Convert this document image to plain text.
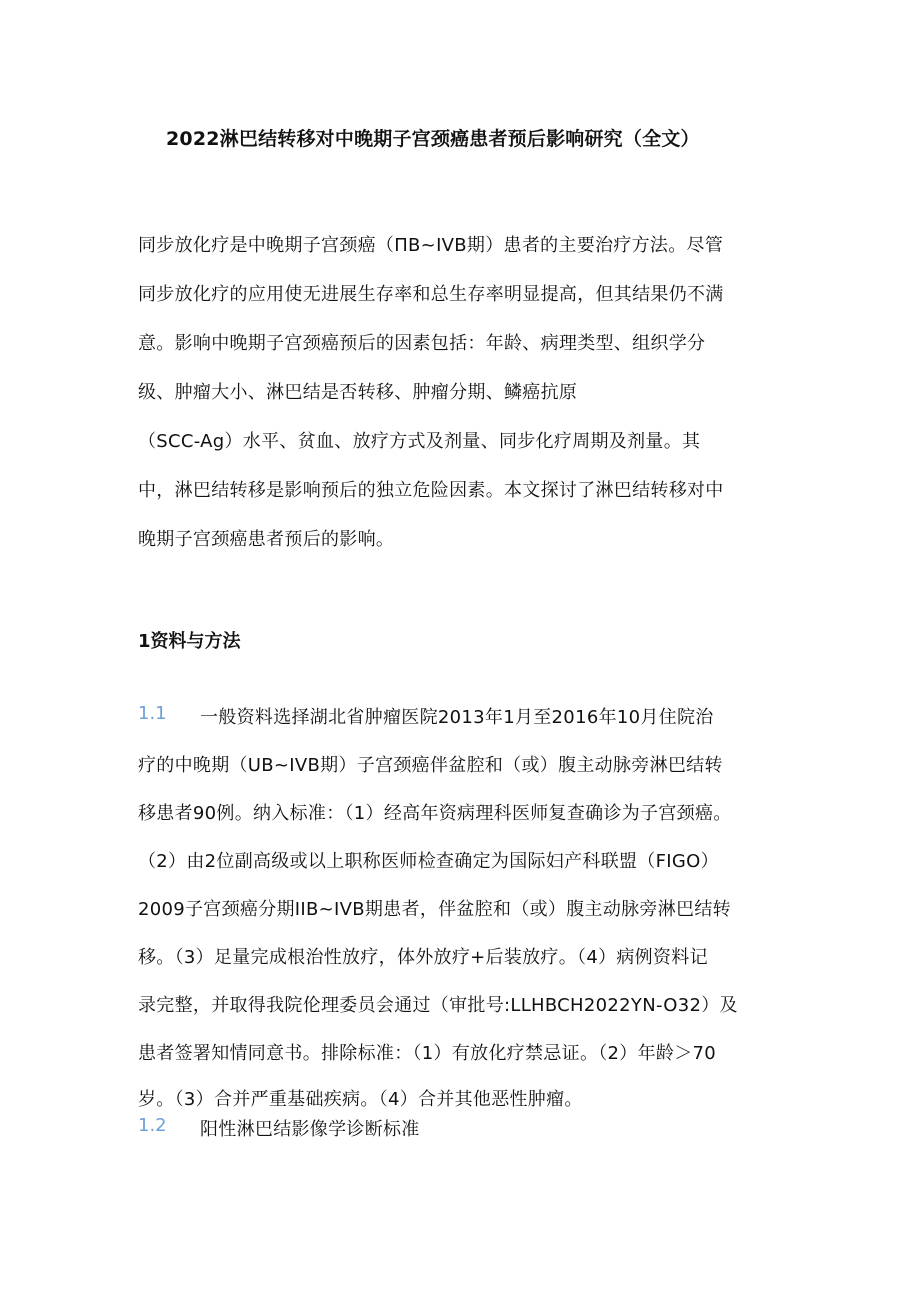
2022淋巴结转移对中晚期子宫颈癌患者预后影响研究（全文）
同步放化疗是中晚期子宫颈癌（ΠB~IVB期）患者的主要治疗方法。尽管
同步放化疗的应用使无进展生存率和总生存率明显提高，但其结果仍不满
意。影响中晚期子宫颈癌预后的因素包括：年龄、病理类型、组织学分
级、肿瘤大小、淋巴结是否转移、肿瘤分期、鳞癌抗原
（SCC-Ag）水平、贫血、放疗方式及剂量、同步化疗周期及剂量。其
中，淋巴结转移是影响预后的独立危险因素。本文探讨了淋巴结转移对中
晚期子宫颈癌患者预后的影响。
1资料与方法
1.1 一般资料选择湖北省肿瘤医院2013年1月至2016年10月住院治
疗的中晚期（UB~IVB期）子宫颈癌伴盆腔和（或）腹主动脉旁淋巴结转
移患者90例。纳入标准：（1）经高年资病理科医师复查确诊为子宫颈癌。
（2）由2位副高级或以上职称医师检查确定为国际妇产科联盟（FIGO）
2009子宫颈癌分期IIB~IVB期患者，伴盆腔和（或）腹主动脉旁淋巴结转
移。（3）足量完成根治性放疗，体外放疗+后装放疗。（4）病例资料记
录完整，并取得我院伦理委员会通过（审批号:LLHBCH2022YN-O32）及
患者签署知情同意书。排除标准：（1）有放化疗禁忌证。（2）年龄＞70
岁。（3）合并严重基础疾病。（4）合并其他恶性肿瘤。
1.2 阳性淋巴结影像学诊断标准
